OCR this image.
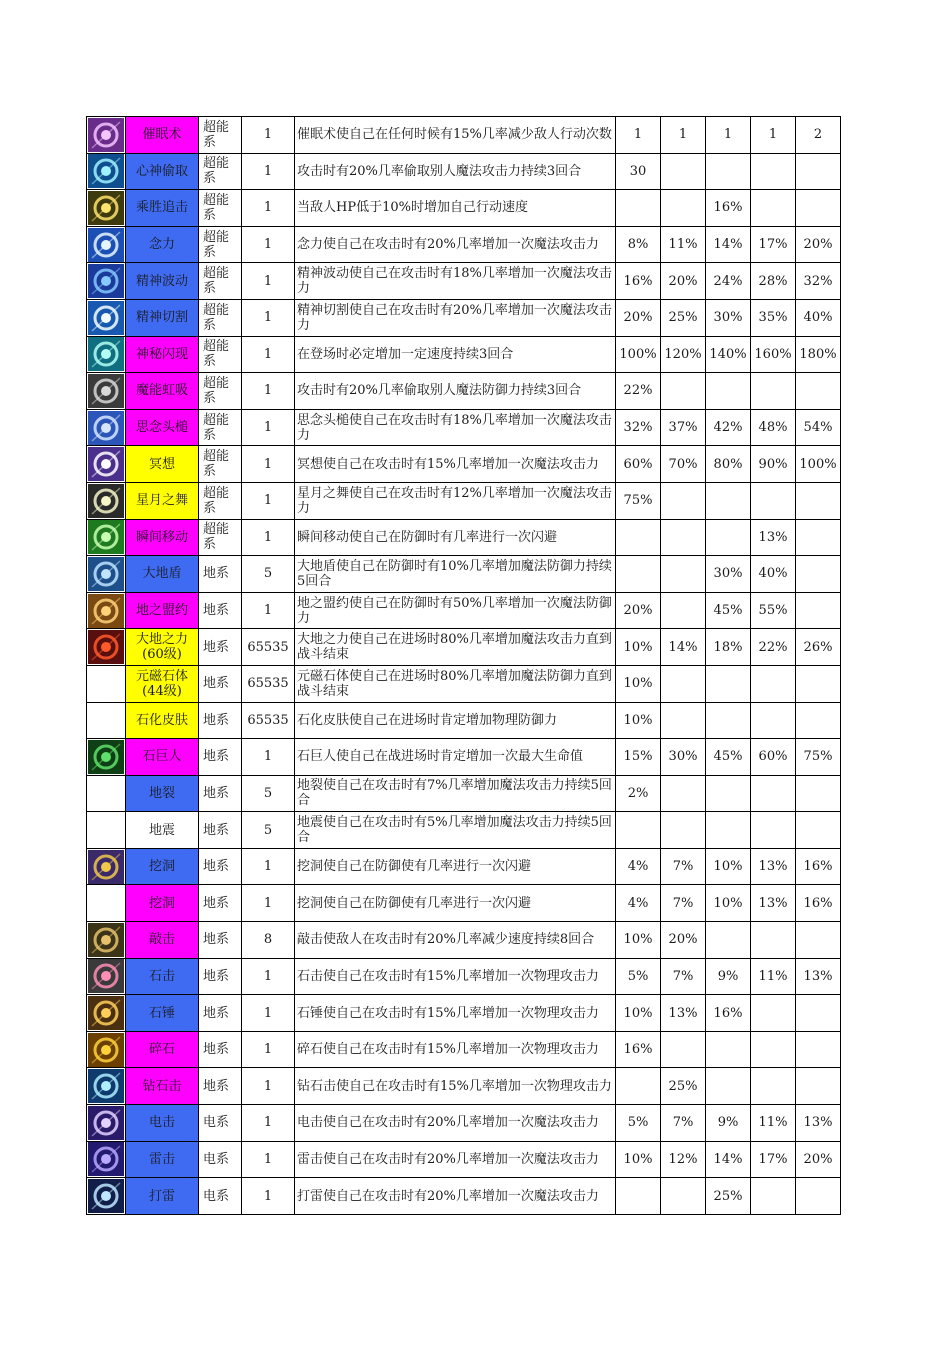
	催眠术	超能系	1	催眠术使自己在任何时候有15%几率减少敌人行动次数	1	1	1	1	2

	心神偷取	超能系	1	攻击时有20%几率偷取别人魔法攻击力持续3回合	30				

	乘胜追击	超能系	1	当敌人HP低于10%时增加自己行动速度			16%		

	念力	超能系	1	念力使自己在攻击时有20%几率增加一次魔法攻击力	8%	11%	14%	17%	20%

	精神波动	超能系	1	精神波动使自己在攻击时有18%几率增加一次魔法攻击力	16%	20%	24%	28%	32%

	精神切割	超能系	1	精神切割使自己在攻击时有20%几率增加一次魔法攻击力	20%	25%	30%	35%	40%

	神秘闪现	超能系	1	在登场时必定增加一定速度持续3回合	100%	120%	140%	160%	180%

	魔能虹吸	超能系	1	攻击时有20%几率偷取别人魔法防御力持续3回合	22%				

	思念头槌	超能系	1	思念头槌使自己在攻击时有18%几率增加一次魔法攻击力	32%	37%	42%	48%	54%

	冥想	超能系	1	冥想使自己在攻击时有15%几率增加一次魔法攻击力	60%	70%	80%	90%	100%

	星月之舞	超能系	1	星月之舞使自己在攻击时有12%几率增加一次魔法攻击力	75%				

	瞬间移动	超能系	1	瞬间移动使自己在防御时有几率进行一次闪避				13%	

	大地盾	地系	5	大地盾使自己在防御时有10%几率增加魔法防御力持续5回合			30%	40%	

	地之盟约	地系	1	地之盟约使自己在防御时有50%几率增加一次魔法防御力	20%		45%	55%	

	大地之力(60级)	地系	65535	大地之力使自己在进场时80%几率增加魔法攻击力直到战斗结束	10%	14%	18%	22%	26%
	元磁石体(44级)	地系	65535	元磁石体使自己在进场时80%几率增加魔法防御力直到战斗结束	10%				
	石化皮肤	地系	65535	石化皮肤使自己在进场时肯定增加物理防御力	10%				

	石巨人	地系	1	石巨人使自己在战进场时肯定增加一次最大生命值	15%	30%	45%	60%	75%
	地裂	地系	5	地裂使自己在攻击时有7%几率增加魔法攻击力持续5回合	2%				
	地震	地系	5	地震使自己在攻击时有5%几率增加魔法攻击力持续5回合					

	挖洞	地系	1	挖洞使自己在防御使有几率进行一次闪避	4%	7%	10%	13%	16%
	挖洞	地系	1	挖洞使自己在防御使有几率进行一次闪避	4%	7%	10%	13%	16%

	敲击	地系	8	敲击使敌人在攻击时有20%几率减少速度持续8回合	10%	20%			

	石击	地系	1	石击使自己在攻击时有15%几率增加一次物理攻击力	5%	7%	9%	11%	13%

	石锤	地系	1	石锤使自己在攻击时有15%几率增加一次物理攻击力	10%	13%	16%		

	碎石	地系	1	碎石使自己在攻击时有15%几率增加一次物理攻击力	16%				

	钻石击	地系	1	钻石击使自己在攻击时有15%几率增加一次物理攻击力		25%			

	电击	电系	1	电击使自己在攻击时有20%几率增加一次魔法攻击力	5%	7%	9%	11%	13%

	雷击	电系	1	雷击使自己在攻击时有20%几率增加一次魔法攻击力	10%	12%	14%	17%	20%

	打雷	电系	1	打雷使自己在攻击时有20%几率增加一次魔法攻击力			25%		
